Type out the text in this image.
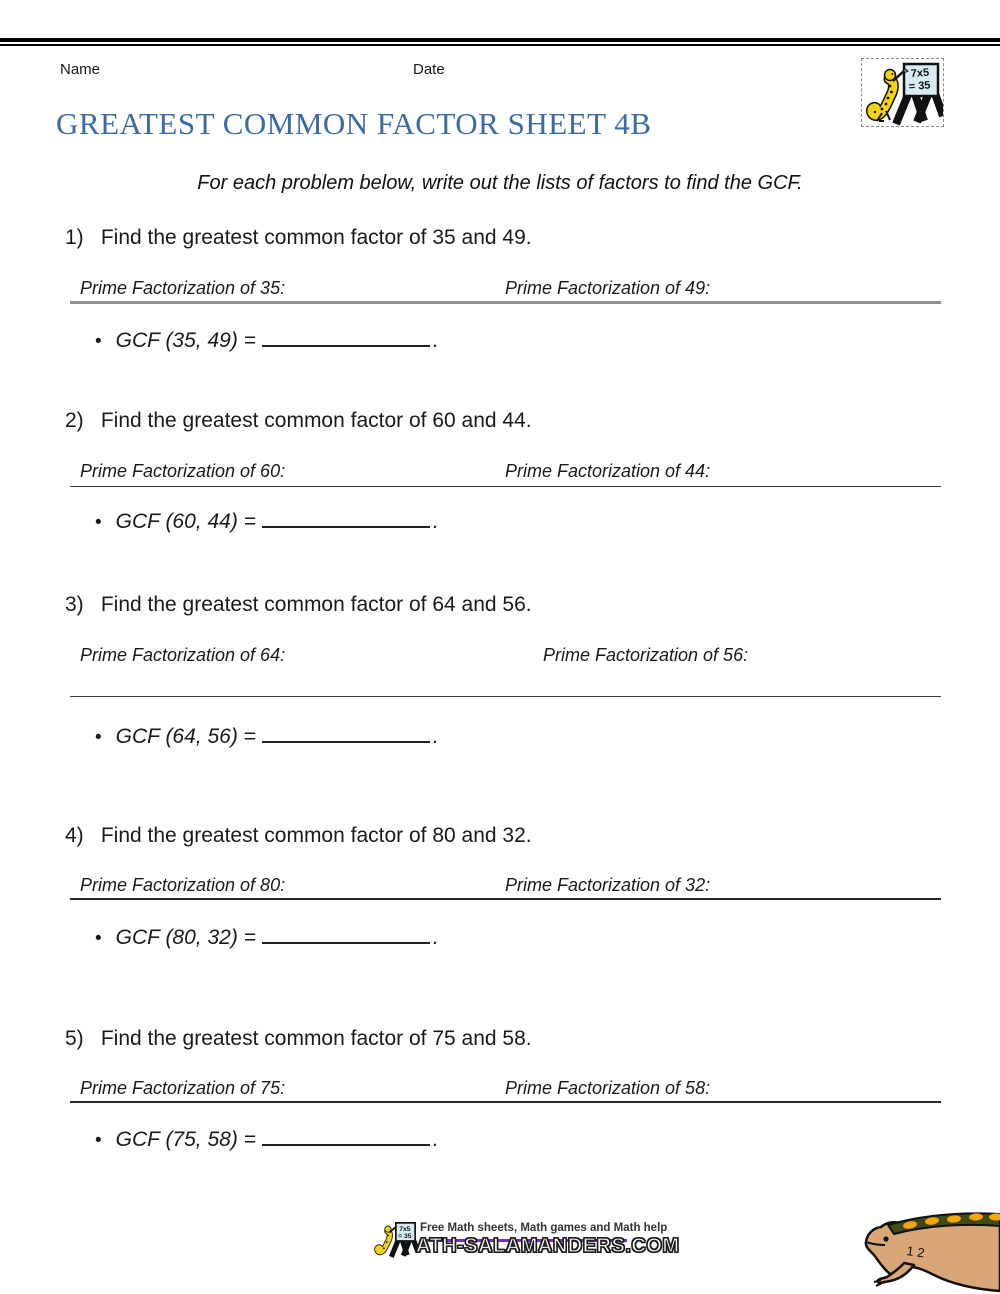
Name	Date	7x5
= 35
GREATEST COMMON FACTOR SHEET 4B
For each problem below, write out the lists of factors to find the GCF.
1) Find the greatest common factor of 35 and 49.
Prime Factorization of 35:	Prime Factorization of 49:
• GCF (35, 49) =	.
2) Find the greatest common factor of 60 and 44.
Prime Factorization of 60:	Prime Factorization of 44:
• GCF (60, 44) =	.
3) Find the greatest common factor of 64 and 56.
Prime Factorization of 64:	Prime Factorization of 56:
• GCF (64, 56) =	.
4) Find the greatest common factor of 80 and 32.
Prime Factorization of 80:	Prime Factorization of 32:
• GCF (80, 32) =	.
5) Find the greatest common factor of 75 and 58.
Prime Factorization of 75:	Prime Factorization of 58:
• GCF (75, 58) =	.
7x5
= 35
Free Math sheets, Math games and Math help
ATH-SALAMANDERS.COM	1 2
